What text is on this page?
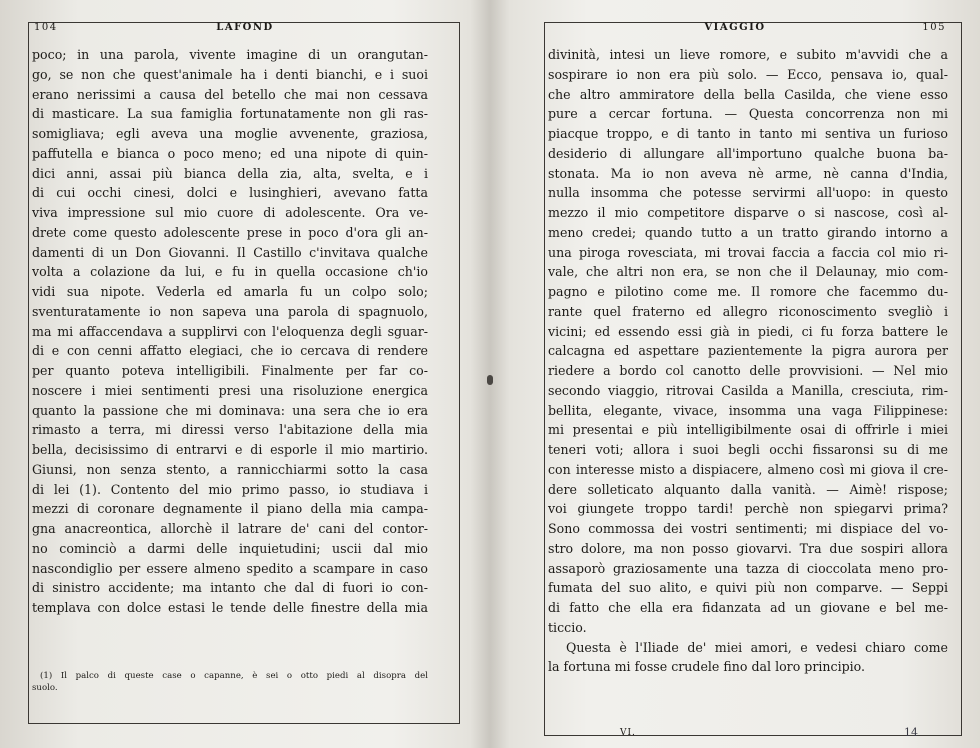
104	LAFOND
poco; in una parola, vivente imagine di un orangutan-
go, se non che quest'animale ha i denti bianchi, e i suoi
erano nerissimi a causa del betello che mai non cessava
di masticare. La sua famiglia fortunatamente non gli ras-
somigliava; egli aveva una moglie avvenente, graziosa,
paffutella e bianca o poco meno; ed una nipote di quin-
dici anni, assai più bianca della zia, alta, svelta, e i
di cui occhi cinesi, dolci e lusinghieri, avevano fatta
viva impressione sul mio cuore di adolescente. Ora ve-
drete come questo adolescente prese in poco d'ora gli an-
damenti di un Don Giovanni. Il Castillo c'invitava qualche
volta a colazione da lui, e fu in quella occasione ch'io
vidi sua nipote. Vederla ed amarla fu un colpo solo;
sventuratamente io non sapeva una parola di spagnuolo,
ma mi affaccendava a supplirvi con l'eloquenza degli sguar-
di e con cenni affatto elegiaci, che io cercava di rendere
per quanto poteva intelligibili. Finalmente per far co-
noscere i miei sentimenti presi una risoluzione energica
quanto la passione che mi dominava: una sera che io era
rimasto a terra, mi diressi verso l'abitazione della mia
bella, decisissimo di entrarvi e di esporle il mio martirio.
Giunsi, non senza stento, a rannicchiarmi sotto la casa
di lei (1). Contento del mio primo passo, io studiava i
mezzi di coronare degnamente il piano della mia campa-
gna anacreontica, allorchè il latrare de' cani del contor-
no cominciò a darmi delle inquietudini; uscii dal mio
nascondiglio per essere almeno spedito a scampare in caso
di sinistro accidente; ma intanto che dal di fuori io con-
templava con dolce estasi le tende delle finestre della mia
(1) Il palco di queste case o capanne, è sei o otto piedi al disopra del
suolo.
VIAGGIO	105
divinità, intesi un lieve romore, e subito m'avvidi che a
sospirare io non era più solo. — Ecco, pensava io, qual-
che altro ammiratore della bella Casilda, che viene esso
pure a cercar fortuna. — Questa concorrenza non mi
piacque troppo, e di tanto in tanto mi sentiva un furioso
desiderio di allungare all'importuno qualche buona ba-
stonata. Ma io non aveva nè arme, nè canna d'India,
nulla insomma che potesse servirmi all'uopo: in questo
mezzo il mio competitore disparve o si nascose, così al-
meno credei; quando tutto a un tratto girando intorno a
una piroga rovesciata, mi trovai faccia a faccia col mio ri-
vale, che altri non era, se non che il Delaunay, mio com-
pagno e pilotino come me. Il romore che facemmo du-
rante quel fraterno ed allegro riconoscimento svegliò i
vicini; ed essendo essi già in piedi, ci fu forza battere le
calcagna ed aspettare pazientemente la pigra aurora per
riedere a bordo col canotto delle provvisioni. — Nel mio
secondo viaggio, ritrovai Casilda a Manilla, cresciuta, rim-
bellita, elegante, vivace, insomma una vaga Filippinese:
mi presentai e più intelligibilmente osai di offrirle i miei
teneri voti; allora i suoi begli occhi fissaronsi su di me
con interesse misto a dispiacere, almeno così mi giova il cre-
dere solleticato alquanto dalla vanità. — Aimè! rispose;
voi giungete troppo tardi! perchè non spiegarvi prima?
Sono commossa dei vostri sentimenti; mi dispiace del vo-
stro dolore, ma non posso giovarvi. Tra due sospiri allora
assaporò graziosamente una tazza di cioccolata meno pro-
fumata del suo alito, e quivi più non comparve. — Seppi
di fatto che ella era fidanzata ad un giovane e bel me-
ticcio.
Questa è l'Iliade de' miei amori, e vedesi chiaro come
la fortuna mi fosse crudele fino dal loro principio.
VI.	14
